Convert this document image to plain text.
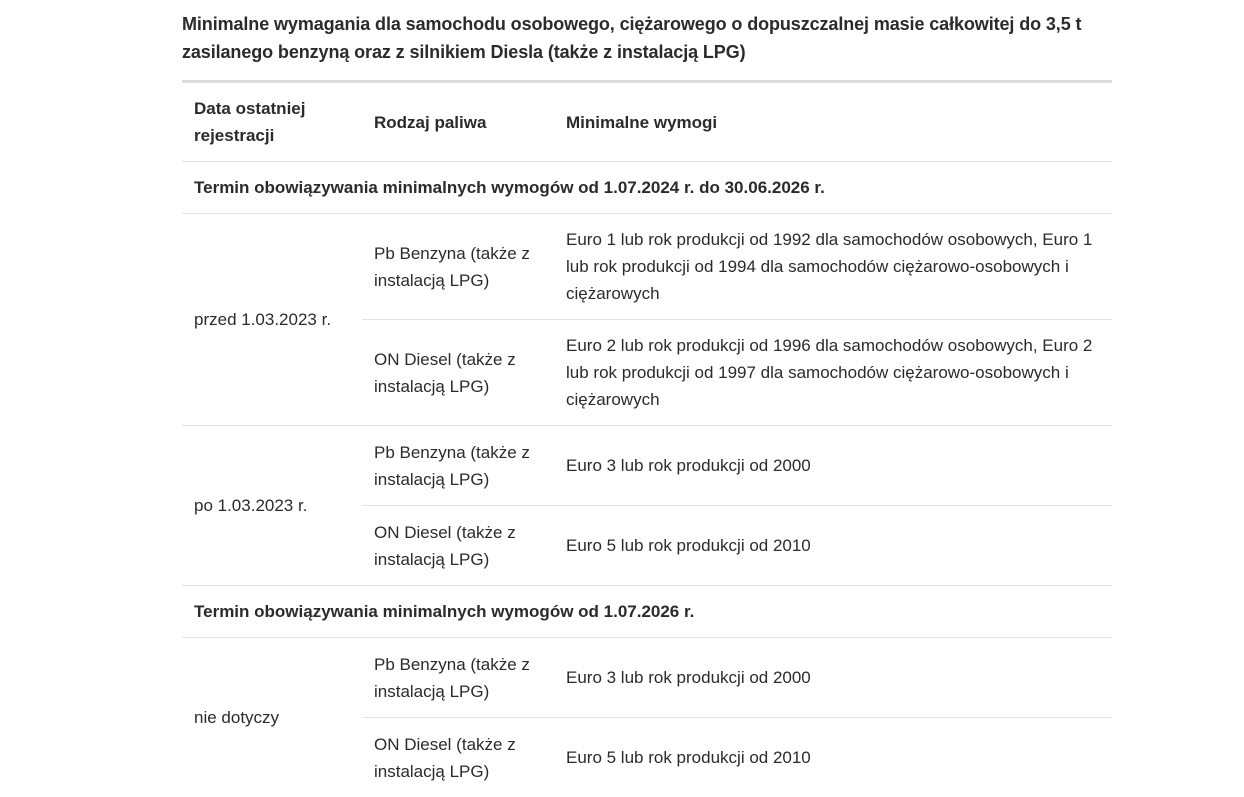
Minimalne wymagania dla samochodu osobowego, ciężarowego o dopuszczalnej masie całkowitej do 3,5 t zasilanego benzyną oraz z silnikiem Diesla (także z instalacją LPG)
Data ostatniej rejestracji	Rodzaj paliwa	Minimalne wymogi
Termin obowiązywania minimalnych wymogów od 1.07.2024 r. do 30.06.2026 r.		
przed 1.03.2023 r.	Pb Benzyna (także z instalacją LPG)	Euro 1 lub rok produkcji od 1992 dla samochodów osobowych, Euro 1 lub rok produkcji od 1994 dla samochodów ciężarowo-osobowych i ciężarowych
	ON Diesel (także z instalacją LPG)	Euro 2 lub rok produkcji od 1996 dla samochodów osobowych, Euro 2 lub rok produkcji od 1997 dla samochodów ciężarowo-osobowych i ciężarowych
po 1.03.2023 r.	Pb Benzyna (także z instalacją LPG)	Euro 3 lub rok produkcji od 2000
	ON Diesel (także z instalacją LPG)	Euro 5 lub rok produkcji od 2010
Termin obowiązywania minimalnych wymogów od 1.07.2026 r.		
nie dotyczy	Pb Benzyna (także z instalacją LPG)	Euro 3 lub rok produkcji od 2000
	ON Diesel (także z instalacją LPG)	Euro 5 lub rok produkcji od 2010
